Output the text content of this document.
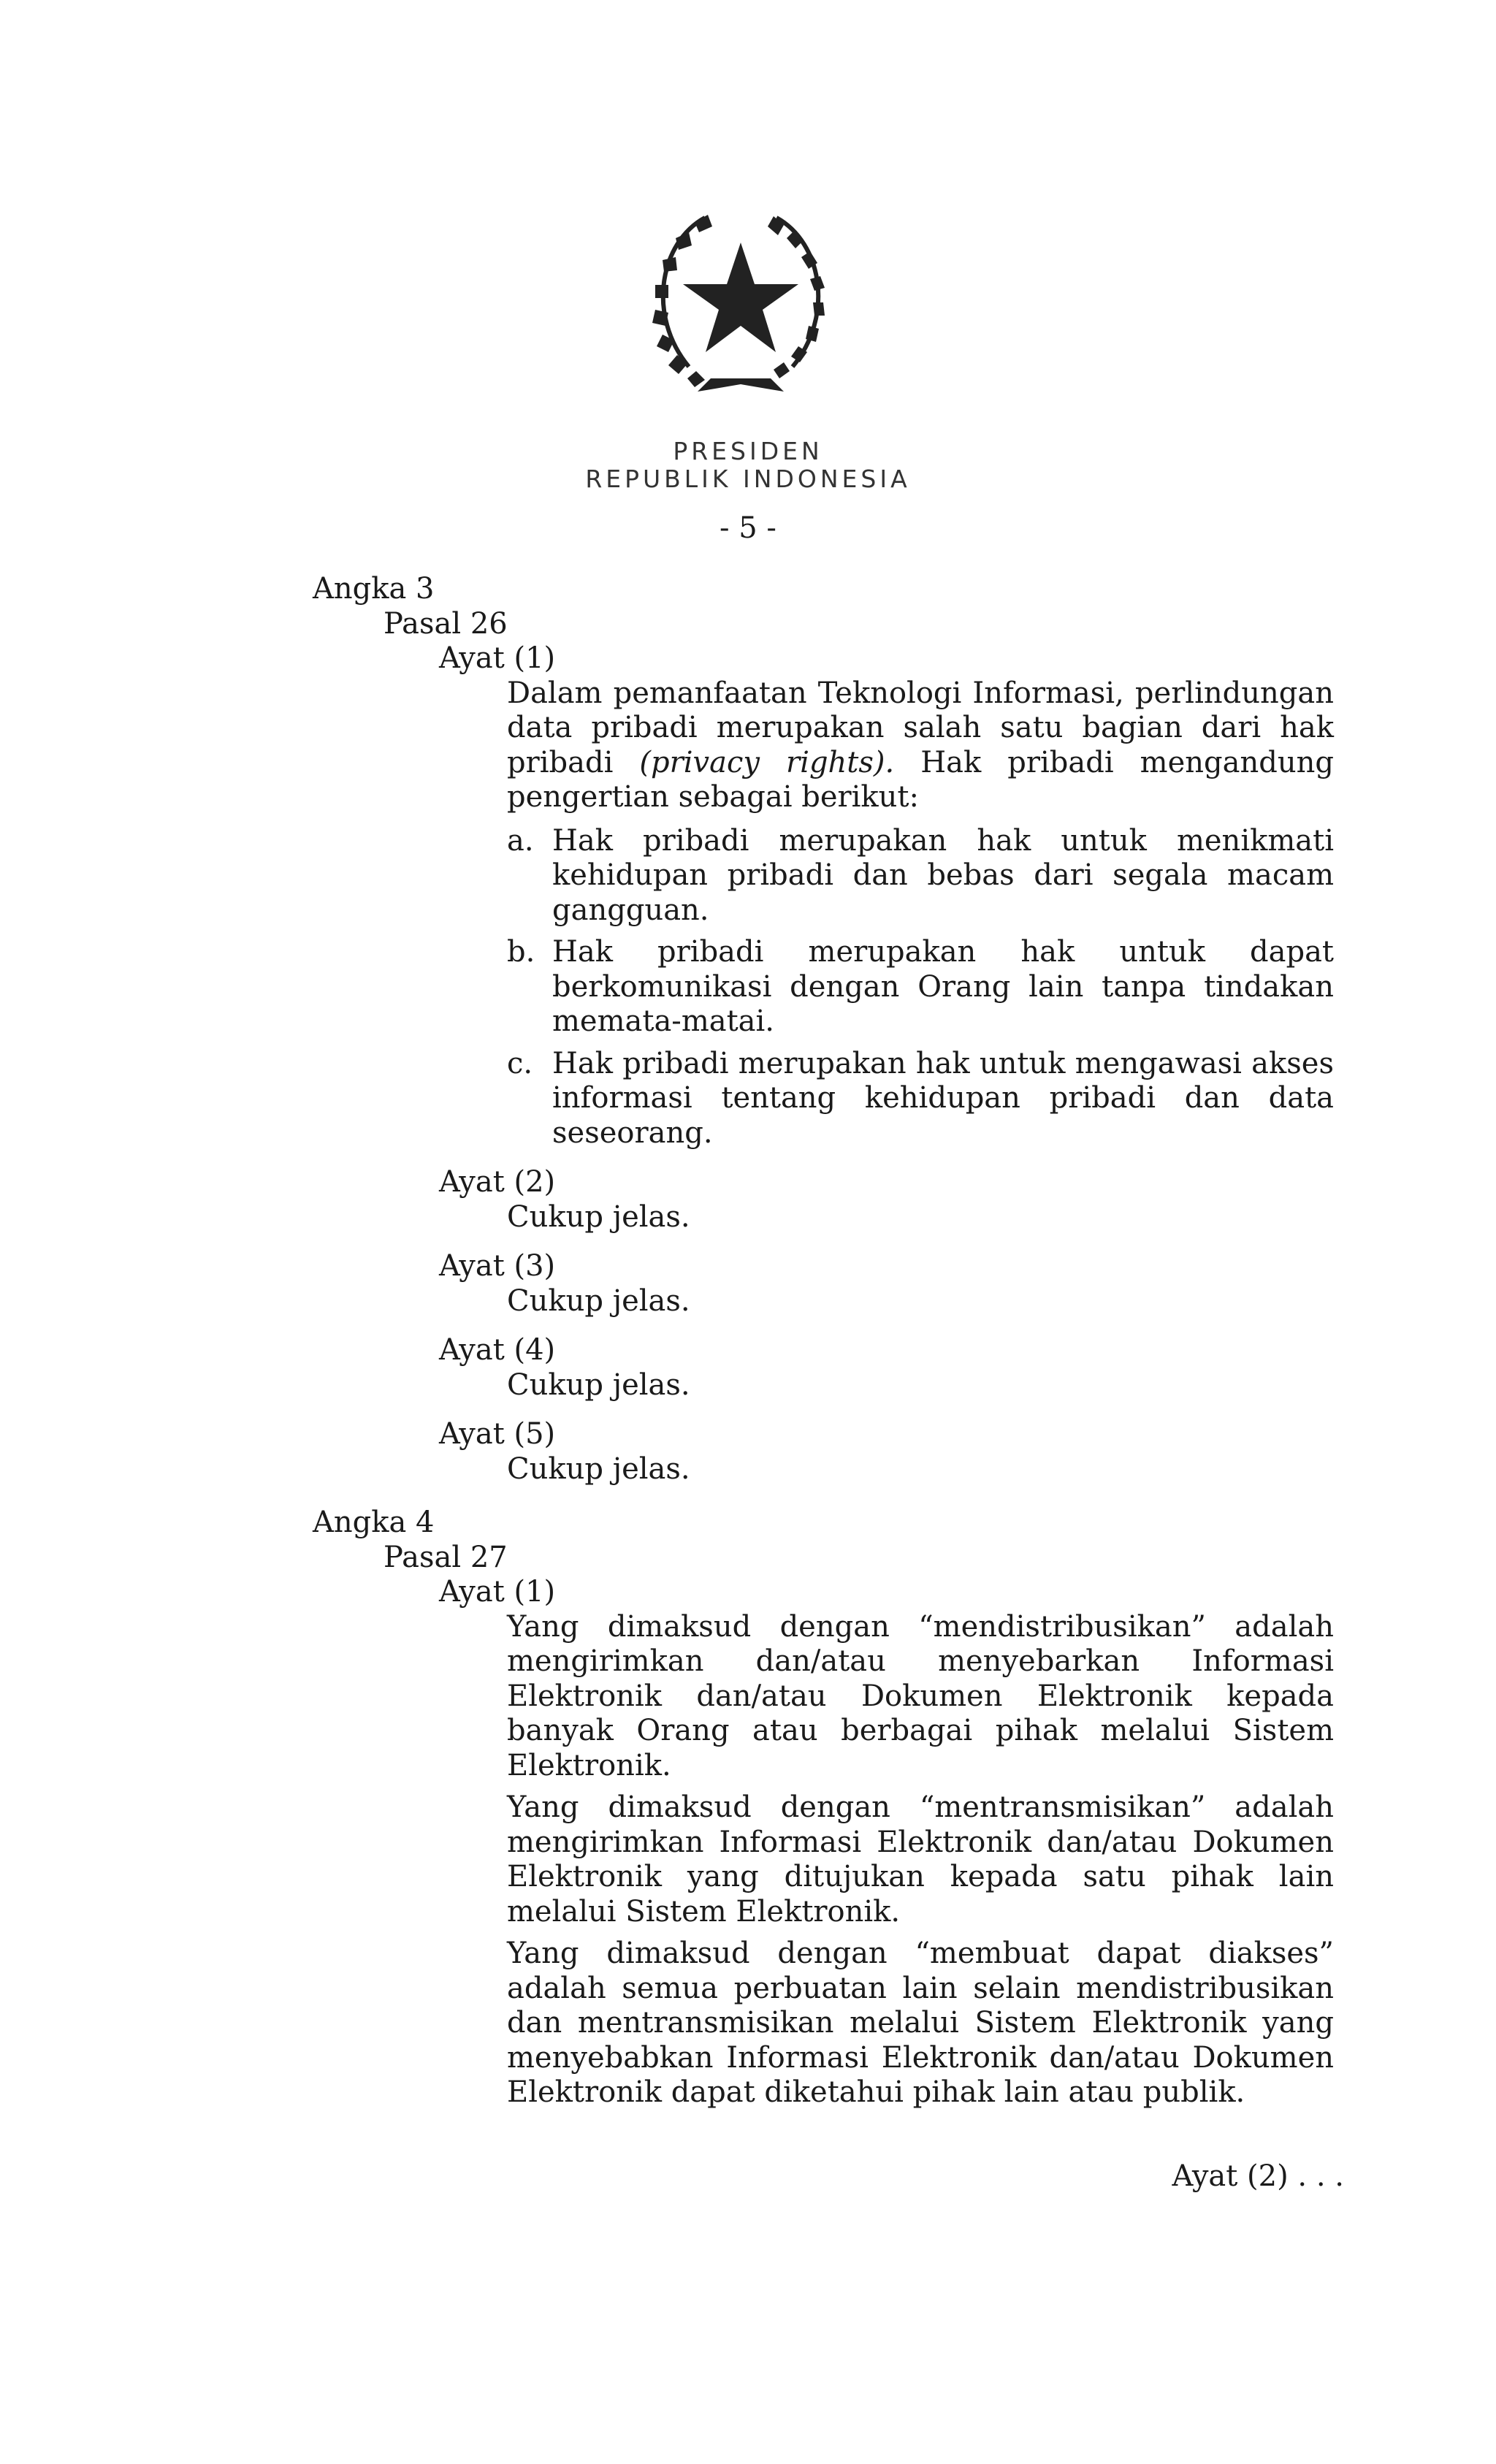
PRESIDEN
REPUBLIK INDONESIA
- 5 -
Angka 3
Pasal 26
Ayat (1)
Dalam pemanfaatan Teknologi Informasi, perlindungan data pribadi merupakan salah satu bagian dari hak pribadi (privacy rights). Hak pribadi mengandung pengertian sebagai berikut:
a. Hak pribadi merupakan hak untuk menikmati kehidupan pribadi dan bebas dari segala macam gangguan.
b. Hak pribadi merupakan hak untuk dapat berkomunikasi dengan Orang lain tanpa tindakan memata-matai.
c. Hak pribadi merupakan hak untuk mengawasi akses informasi tentang kehidupan pribadi dan data seseorang.
Ayat (2)
Cukup jelas.
Ayat (3)
Cukup jelas.
Ayat (4)
Cukup jelas.
Ayat (5)
Cukup jelas.
Angka 4
Pasal 27
Ayat (1)
Yang dimaksud dengan “mendistribusikan” adalah mengirimkan dan/atau menyebarkan Informasi Elektronik dan/atau Dokumen Elektronik kepada banyak Orang atau berbagai pihak melalui Sistem Elektronik.
Yang dimaksud dengan “mentransmisikan” adalah mengirimkan Informasi Elektronik dan/atau Dokumen Elektronik yang ditujukan kepada satu pihak lain melalui Sistem Elektronik.
Yang dimaksud dengan “membuat dapat diakses” adalah semua perbuatan lain selain mendistribusikan dan mentransmisikan melalui Sistem Elektronik yang menyebabkan Informasi Elektronik dan/atau Dokumen Elektronik dapat diketahui pihak lain atau publik.
Ayat (2) . . .
